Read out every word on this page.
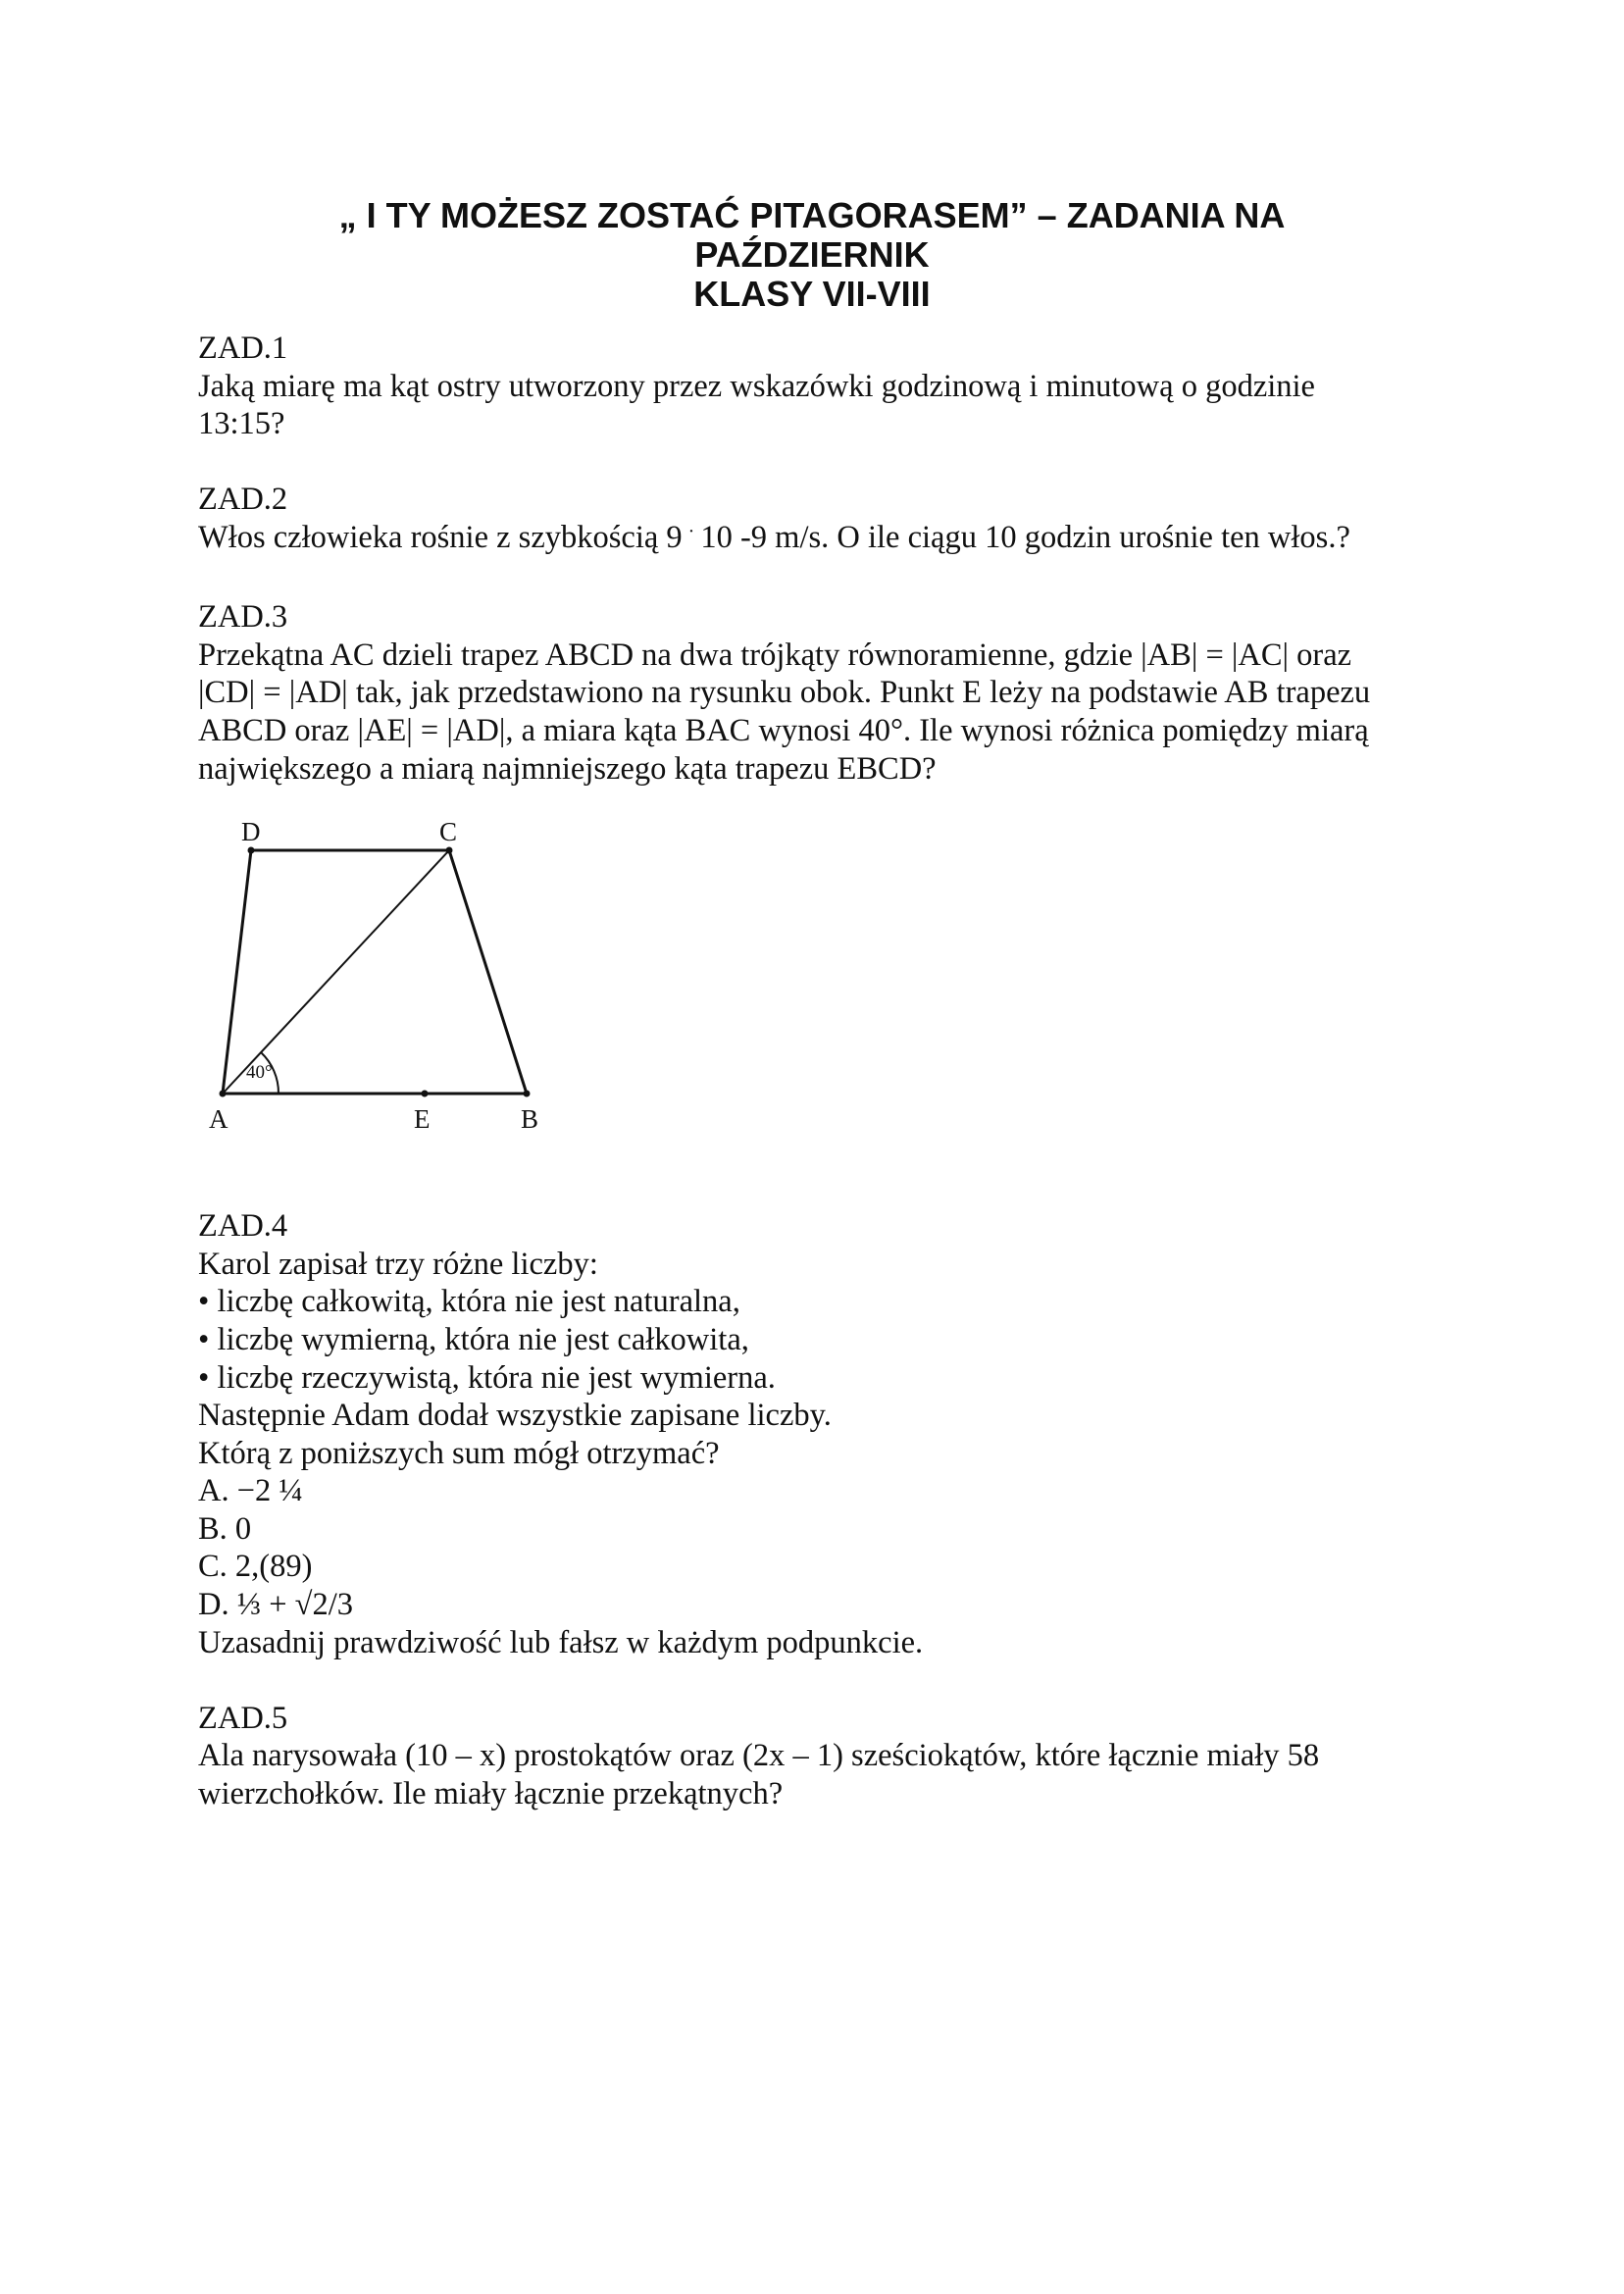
„ I TY MOŻESZ ZOSTAĆ PITAGORASEM” – ZADANIA NA
PAŹDZIERNIK
KLASY VII-VIII
ZAD.1
Jaką miarę ma kąt ostry utworzony przez wskazówki godzinową i minutową o godzinie
13:15?
ZAD.2
Włos człowieka rośnie z szybkością 9 · 10 -9 m/s. O ile ciągu 10 godzin urośnie ten włos.?
ZAD.3
Przekątna AC dzieli trapez ABCD na dwa trójkąty równoramienne, gdzie |AB| = |AC| oraz
|CD| = |AD| tak, jak przedstawiono na rysunku obok. Punkt E leży na podstawie AB trapezu
ABCD oraz |AE| = |AD|, a miara kąta BAC wynosi 40°. Ile wynosi różnica pomiędzy miarą
największego a miarą najmniejszego kąta trapezu EBCD?
40°
A	B
E
C
D
ZAD.4
Karol zapisał trzy różne liczby:
• liczbę całkowitą, która nie jest naturalna,
• liczbę wymierną, która nie jest całkowita,
• liczbę rzeczywistą, która nie jest wymierna.
Następnie Adam dodał wszystkie zapisane liczby.
Którą z poniższych sum mógł otrzymać?
A. −2 ¼
B. 0
C. 2,(89)
D. ⅓ + √2/3
Uzasadnij prawdziwość lub fałsz w każdym podpunkcie.
ZAD.5
Ala narysowała (10 – x) prostokątów oraz (2x – 1) sześciokątów, które łącznie miały 58
wierzchołków. Ile miały łącznie przekątnych?
